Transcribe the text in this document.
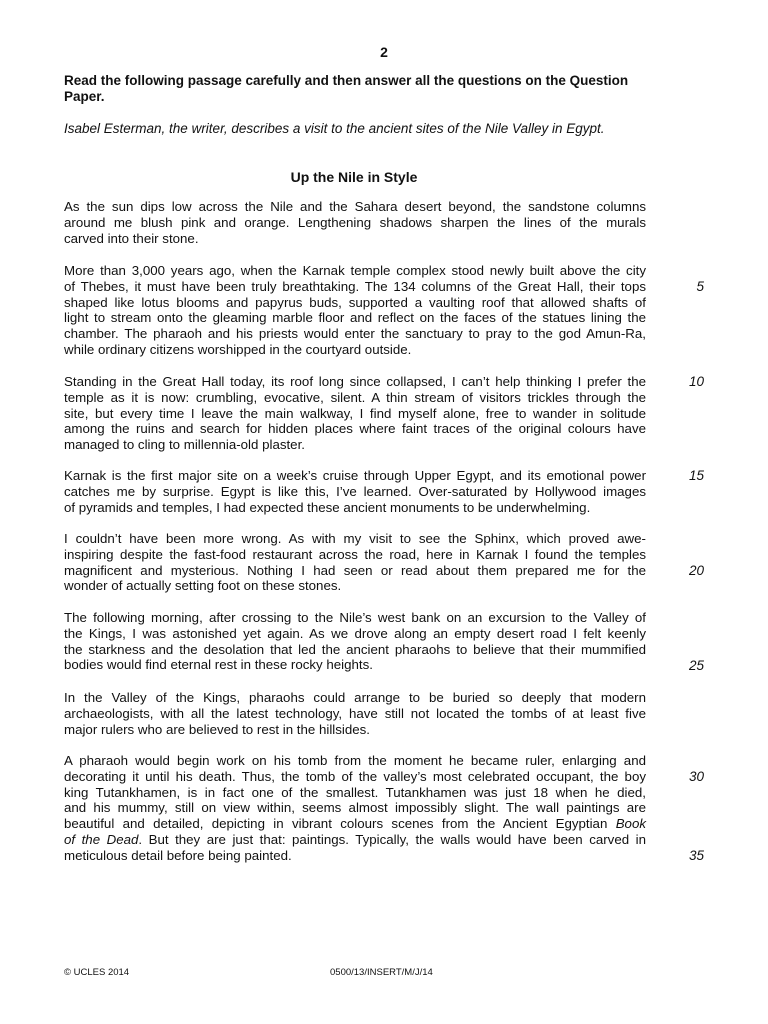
2
Read the following passage carefully and then answer all the questions on the Question Paper.
Isabel Esterman, the writer, describes a visit to the ancient sites of the Nile Valley in Egypt.
Up the Nile in Style
As the sun dips low across the Nile and the Sahara desert beyond, the sandstone columns
around me blush pink and orange. Lengthening shadows sharpen the lines of the murals
carved into their stone.
More than 3,000 years ago, when the Karnak temple complex stood newly built above the city
of Thebes, it must have been truly breathtaking. The 134 columns of the Great Hall, their tops
shaped like lotus blooms and papyrus buds, supported a vaulting roof that allowed shafts of
light to stream onto the gleaming marble floor and reflect on the faces of the statues lining the
chamber. The pharaoh and his priests would enter the sanctuary to pray to the god Amun-Ra,
while ordinary citizens worshipped in the courtyard outside.
Standing in the Great Hall today, its roof long since collapsed, I can’t help thinking I prefer the
temple as it is now: crumbling, evocative, silent. A thin stream of visitors trickles through the
site, but every time I leave the main walkway, I find myself alone, free to wander in solitude
among the ruins and search for hidden places where faint traces of the original colours have
managed to cling to millennia-old plaster.
Karnak is the first major site on a week’s cruise through Upper Egypt, and its emotional power
catches me by surprise. Egypt is like this, I’ve learned. Over-saturated by Hollywood images
of pyramids and temples, I had expected these ancient monuments to be underwhelming.
I couldn’t have been more wrong. As with my visit to see the Sphinx, which proved awe-
inspiring despite the fast-food restaurant across the road, here in Karnak I found the temples
magnificent and mysterious. Nothing I had seen or read about them prepared me for the
wonder of actually setting foot on these stones.
The following morning, after crossing to the Nile’s west bank on an excursion to the Valley of
the Kings, I was astonished yet again. As we drove along an empty desert road I felt keenly
the starkness and the desolation that led the ancient pharaohs to believe that their mummified
bodies would find eternal rest in these rocky heights.
In the Valley of the Kings, pharaohs could arrange to be buried so deeply that modern
archaeologists, with all the latest technology, have still not located the tombs of at least five
major rulers who are believed to rest in the hillsides.
A pharaoh would begin work on his tomb from the moment he became ruler, enlarging and
decorating it until his death. Thus, the tomb of the valley’s most celebrated occupant, the boy
king Tutankhamen, is in fact one of the smallest. Tutankhamen was just 18 when he died,
and his mummy, still on view within, seems almost impossibly slight. The wall paintings are
beautiful and detailed, depicting in vibrant colours scenes from the Ancient Egyptian Book
of the Dead. But they are just that: paintings. Typically, the walls would have been carved in
meticulous detail before being painted.
5
10
15
20
25
30
35
© UCLES 2014	0500/13/INSERT/M/J/14
